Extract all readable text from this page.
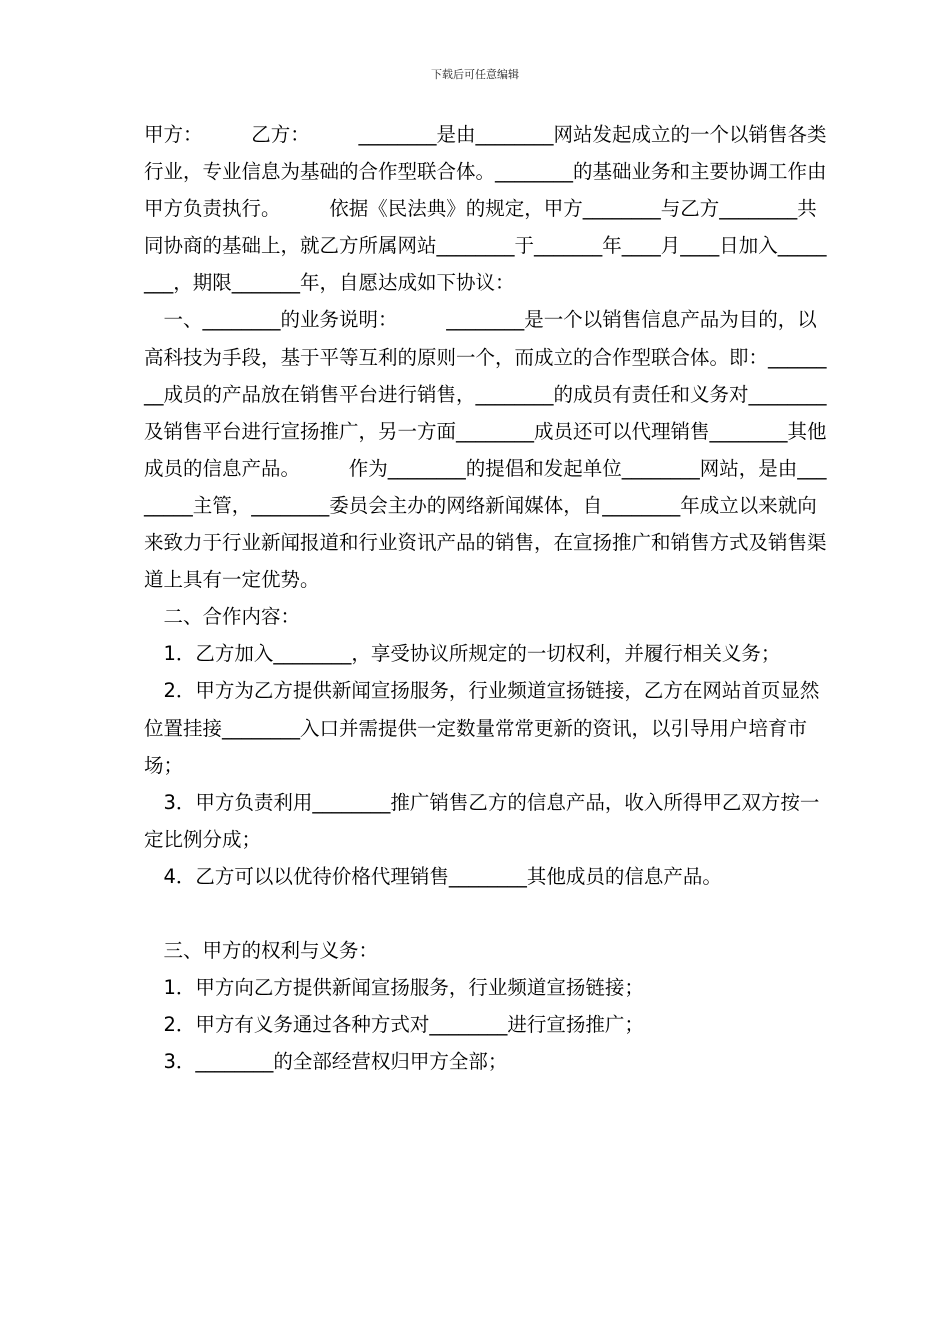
下载后可任意编辑

甲方：　　　乙方：　　　________是由________网站发起成立的一个以销售各类行业，专业信息为基础的合作型联合体。________的基础业务和主要协调工作由甲方负责执行。　　　依据《民法典》的规定，甲方________与乙方________共同协商的基础上，就乙方所属网站________于_______年____月____日加入________，期限_______年，自愿达成如下协议：

　一、________的业务说明：　　　________是一个以销售信息产品为目的，以高科技为手段，基于平等互利的原则一个，而成立的合作型联合体。即：________成员的产品放在销售平台进行销售，________的成员有责任和义务对________及销售平台进行宣扬推广，另一方面________成员还可以代理销售________其他成员的信息产品。　　　作为________的提倡和发起单位________网站，是由________主管，________委员会主办的网络新闻媒体，自________年成立以来就向来致力于行业新闻报道和行业资讯产品的销售，在宣扬推广和销售方式及销售渠道上具有一定优势。

　二、合作内容：

　1．乙方加入________，享受协议所规定的一切权利，并履行相关义务；

　2．甲方为乙方提供新闻宣扬服务，行业频道宣扬链接，乙方在网站首页显然位置挂接________入口并需提供一定数量常常更新的资讯，以引导用户培育市场；

　3．甲方负责利用________推广销售乙方的信息产品，收入所得甲乙双方按一定比例分成；

　4．乙方可以以优待价格代理销售________其他成员的信息产品。

　三、甲方的权利与义务：

　1．甲方向乙方提供新闻宣扬服务，行业频道宣扬链接；

　2．甲方有义务通过各种方式对________进行宣扬推广；

　3．________的全部经营权归甲方全部；
